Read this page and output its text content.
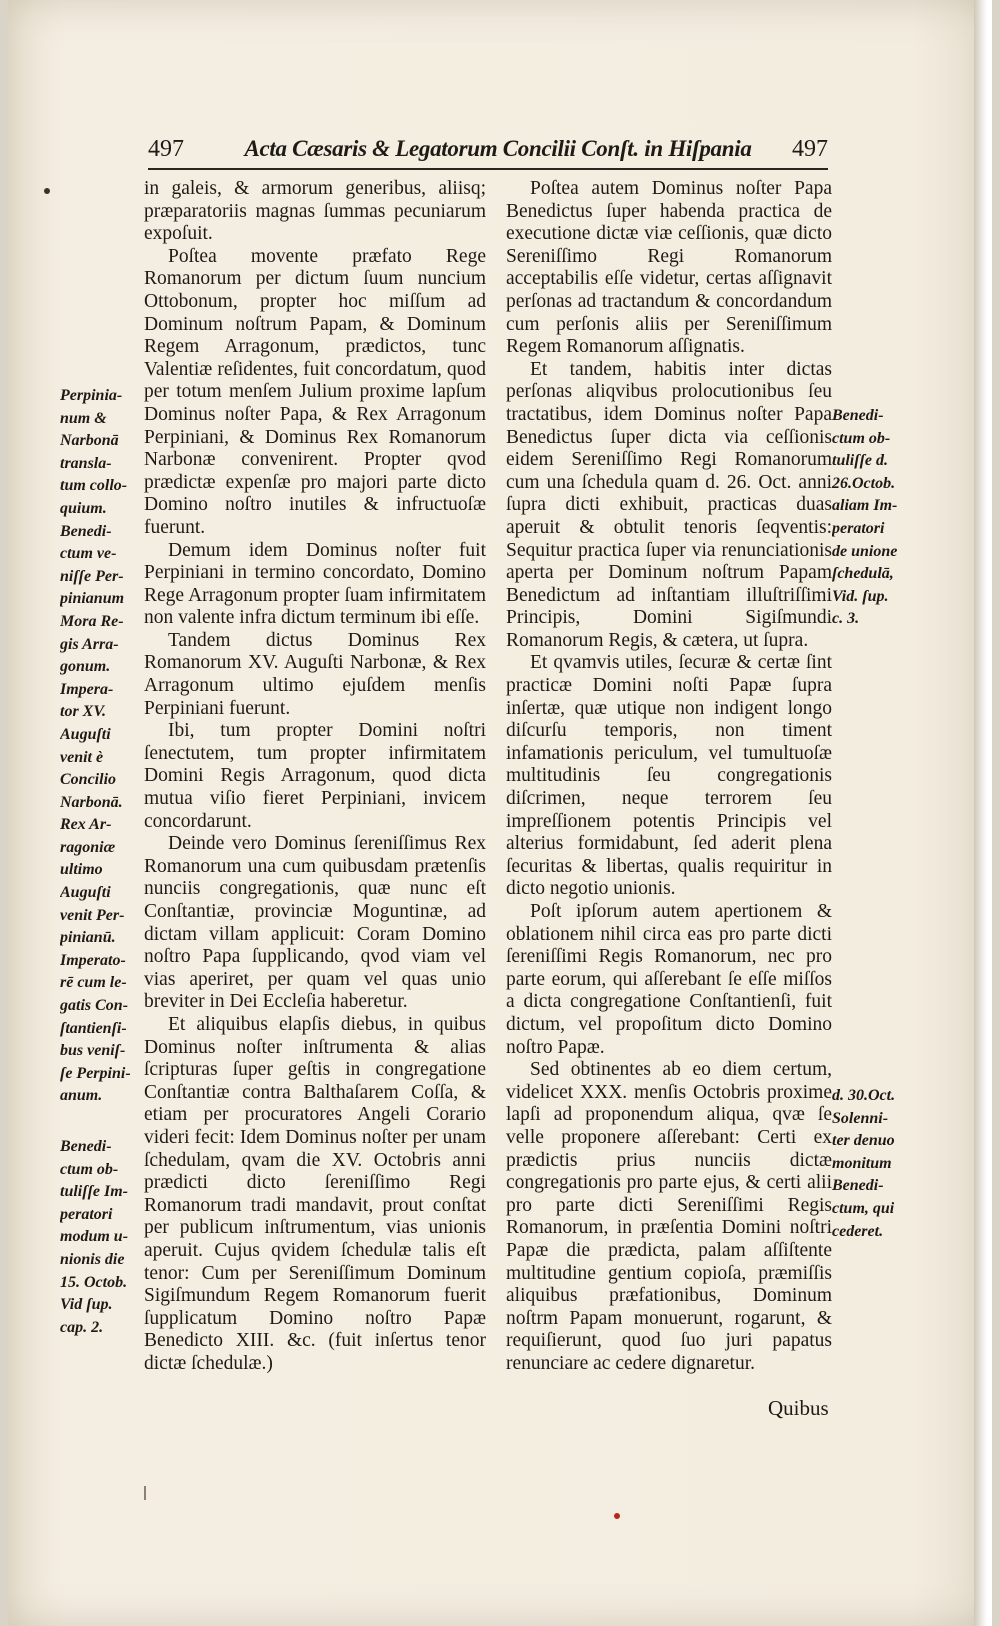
497	Acta Cæsaris & Legatorum Concilii Conſt. in Hiſpania	497

in galeis, & armorum generibus, aliisq; præparatoriis magnas ſummas pecuniarum expoſuit.

Poſtea movente præfato Rege Romanorum per dictum ſuum nuncium Ottobonum, propter hoc miſſum ad Dominum noſtrum Papam, & Dominum Regem Arragonum, prædictos, tunc Valentiæ reſidentes, fuit concordatum, quod per totum menſem Julium proxime lapſum Dominus noſter Papa, & Rex Arragonum Perpiniani, & Dominus Rex Romanorum Narbonæ convenirent. Propter qvod prædictæ expenſæ pro majori parte dicto Domino noſtro inutiles & infructuoſæ fuerunt.

Demum idem Dominus noſter fuit Perpiniani in termino concordato, Domino Rege Arragonum propter ſuam infirmitatem non valente infra dictum terminum ibi eſſe.

Tandem dictus Dominus Rex Romanorum XV. Auguſti Narbonæ, & Rex Arragonum ultimo ejuſdem menſis Perpiniani fuerunt.

Ibi, tum propter Domini noſtri ſenectutem, tum propter infirmitatem Domini Regis Arragonum, quod dicta mutua viſio fieret Perpiniani, invicem concordarunt.

Deinde vero Dominus ſereniſſimus Rex Romanorum una cum quibusdam prætenſis nunciis congregationis, quæ nunc eſt Conſtantiæ, provinciæ Moguntinæ, ad dictam villam applicuit: Coram Domino noſtro Papa ſupplicando, qvod viam vel vias aperiret, per quam vel quas unio breviter in Dei Eccleſia haberetur.

Et aliquibus elapſis diebus, in quibus Dominus noſter inſtrumenta & alias ſcripturas ſuper geſtis in congregatione Conſtantiæ contra Balthaſarem Coſſa, & etiam per procuratores Angeli Corario videri fecit: Idem Dominus noſter per unam ſchedulam, qvam die XV. Octobris anni prædicti dicto ſereniſſimo Regi Romanorum tradi mandavit, prout conſtat per publicum inſtrumentum, vias unionis aperuit. Cujus qvidem ſchedulæ talis eſt tenor: Cum per Sereniſſimum Dominum Sigiſmundum Regem Romanorum fuerit ſupplicatum Domino noſtro Papæ Benedicto XIII. &c. (fuit inſertus tenor dictæ ſchedulæ.)

Poſtea autem Dominus noſter Papa Benedictus ſuper habenda practica de executione dictæ viæ ceſſionis, quæ dicto Sereniſſimo Regi Romanorum acceptabilis eſſe videtur, certas aſſignavit perſonas ad tractandum & concordandum cum perſonis aliis per Sereniſſimum Regem Romanorum aſſignatis.

Et tandem, habitis inter dictas perſonas aliqvibus prolocutionibus ſeu tractatibus, idem Dominus noſter Papa Benedictus ſuper dicta via ceſſionis eidem Sereniſſimo Regi Romanorum cum una ſchedula quam d. 26. Oct. anni ſupra dicti exhibuit, practicas duas aperuit & obtulit tenoris ſeqventis: Sequitur practica ſuper via renunciationis aperta per Dominum noſtrum Papam Benedictum ad inſtantiam illuſtriſſimi Principis, Domini Sigiſmundi Romanorum Regis, & cætera, ut ſupra.

Et qvamvis utiles, ſecuræ & certæ ſint practicæ Domini noſti Papæ ſupra inſertæ, quæ utique non indigent longo diſcurſu temporis, non timent infamationis periculum, vel tumultuoſæ multitudinis ſeu congregationis diſcrimen, neque terrorem ſeu impreſſionem potentis Principis vel alterius formidabunt, ſed aderit plena ſecuritas & libertas, qualis requiritur in dicto negotio unionis.

Poſt ipſorum autem apertionem & oblationem nihil circa eas pro parte dicti ſereniſſimi Regis Romanorum, nec pro parte eorum, qui aſſerebant ſe eſſe miſſos a dicta congregatione Conſtantienſi, fuit dictum, vel propoſitum dicto Domino noſtro Papæ.

Sed obtinentes ab eo diem certum, videlicet XXX. menſis Octobris proxime lapſi ad proponendum aliqua, qvæ ſe velle proponere aſſerebant: Certi ex prædictis prius nunciis dictæ congregationis pro parte ejus, & certi alii pro parte dicti Sereniſſimi Regis Romanorum, in præſentia Domini noſtri Papæ die prædicta, palam aſſiſtente multitudine gentium copioſa, præmiſſis aliquibus præfationibus, Dominum noſtrm Papam monuerunt, rogarunt, & requiſierunt, quod ſuo juri papatus renunciare ac cedere dignaretur.

Perpinia-
num &
Narbonā
transla-
tum collo-
quium.
Benedi-
ctum ve-
niſſe Per-
pinianum
Mora Re-
gis Arra-
gonum.
Impera-
tor XV.
Auguſti
venit è
Concilio
Narbonā.
Rex Ar-
ragoniæ
ultimo
Auguſti
venit Per-
pinianū.
Imperato-
rē cum le-
gatis Con-
ſtantienſi-
bus veniſ-
ſe Perpini-
anum.
Benedi-
ctum ob-
tuliſſe Im-
peratori
modum u-
nionis die
15. Octob.
Vid ſup.
cap. 2.
Benedi-
ctum ob-
tuliſſe d.
26.Octob.
aliam Im-
peratori
de unione
ſchedulā,
Vid. ſup.
c. 3.
d. 30.Oct.
Solenni-
ter denuo
monitum
Benedi-
ctum, qui
cederet.
Quibus
